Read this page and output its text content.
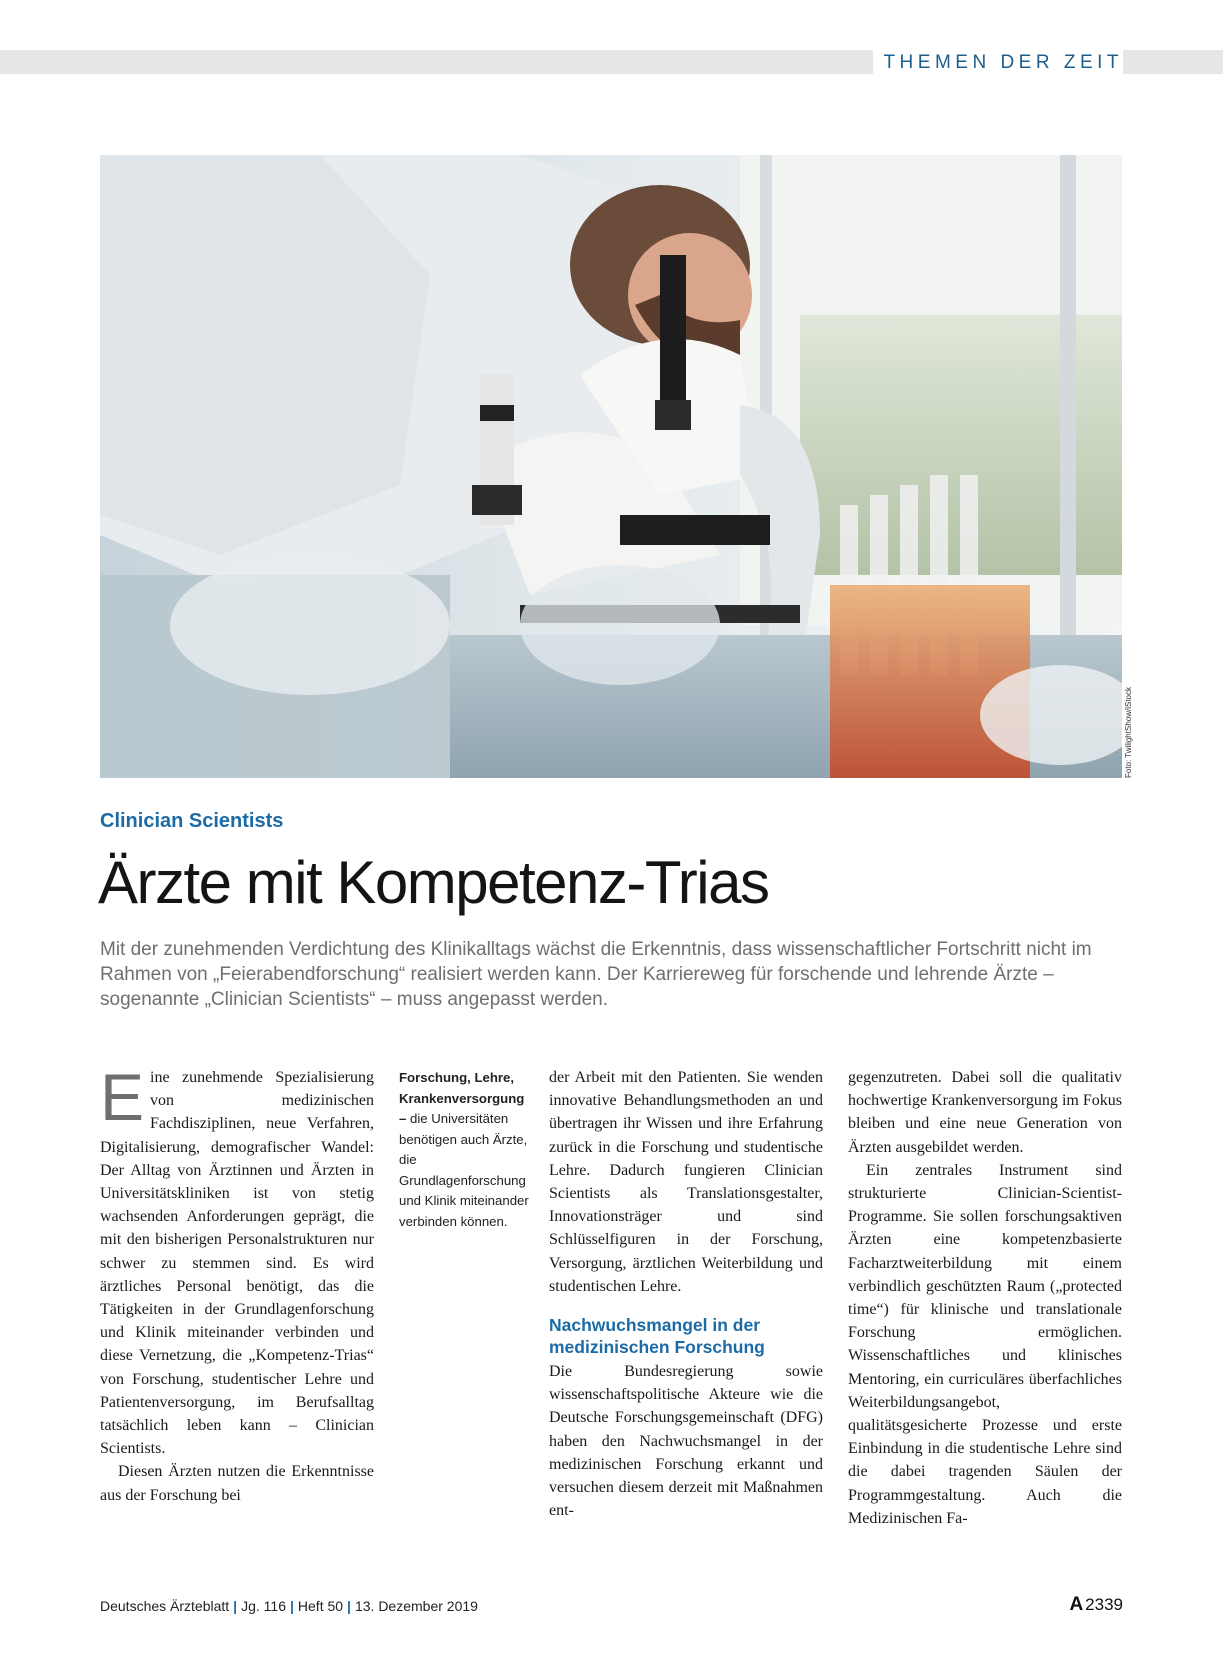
THEMEN DER ZEIT
Foto: TwilightShow/iStock
Clinician Scientists
Ärzte mit Kompetenz-Trias

Mit der zunehmenden Verdichtung des Klinikalltags wächst die Erkenntnis, dass wissenschaftlicher Fortschritt nicht im Rahmen von „Feierabendforschung“ realisiert werden kann. Der Karriereweg für forschende und lehrende Ärzte – sogenannte „Clinician Scientists“ – muss angepasst werden.

E ine zunehmende Spezialisierung von medizinischen Fachdisziplinen, neue Verfahren, Digitalisierung, demografischer Wandel: Der Alltag von Ärztinnen und Ärzten in Universitätskliniken ist von stetig wachsenden Anforderungen geprägt, die mit den bisherigen Personalstrukturen nur schwer zu stemmen sind. Es wird ärztliches Personal benötigt, das die Tätigkeiten in der Grundlagenforschung und Klinik miteinander verbinden und diese Vernetzung, die „Kompetenz-Trias“ von Forschung, studentischer Lehre und Patientenversorgung, im Berufsalltag tatsächlich leben kann – Clinician Scientists.

Diesen Ärzten nutzen die Erkenntnisse aus der Forschung bei

Forschung, Lehre, Krankenversorgung – die Universitäten benötigen auch Ärzte, die Grundlagenforschung und Klinik miteinander verbinden können.

der Arbeit mit den Patienten. Sie wenden innovative Behandlungsmethoden an und übertragen ihr Wissen und ihre Erfahrung zurück in die Forschung und studentische Lehre. Dadurch fungieren Clinician Scientists als Translationsgestalter, Innovationsträger und sind Schlüsselfiguren in der Forschung, Versorgung, ärztlichen Weiterbildung und studentischen Lehre.

Nachwuchsmangel in der medizinischen Forschung

Die Bundesregierung sowie wissenschaftspolitische Akteure wie die Deutsche Forschungsgemeinschaft (DFG) haben den Nachwuchsmangel in der medizinischen Forschung erkannt und versuchen diesem derzeit mit Maßnahmen ent-

gegenzutreten. Dabei soll die qualitativ hochwertige Krankenversorgung im Fokus bleiben und eine neue Generation von Ärzten ausgebildet werden.

Ein zentrales Instrument sind strukturierte Clinician-Scientist-Programme. Sie sollen forschungsaktiven Ärzten eine kompetenzbasierte Facharztweiterbildung mit einem verbindlich geschützten Raum („protected time“) für klinische und translationale Forschung ermöglichen. Wissenschaftliches und klinisches Mentoring, ein curriculäres überfachliches Weiterbildungsangebot, qualitätsgesicherte Prozesse und erste Einbindung in die studentische Lehre sind die dabei tragenden Säulen der Programmgestaltung. Auch die Medizinischen Fa-

Deutsches Ärzteblatt | Jg. 116 | Heft 50 | 13. Dezember 2019	A 2339
